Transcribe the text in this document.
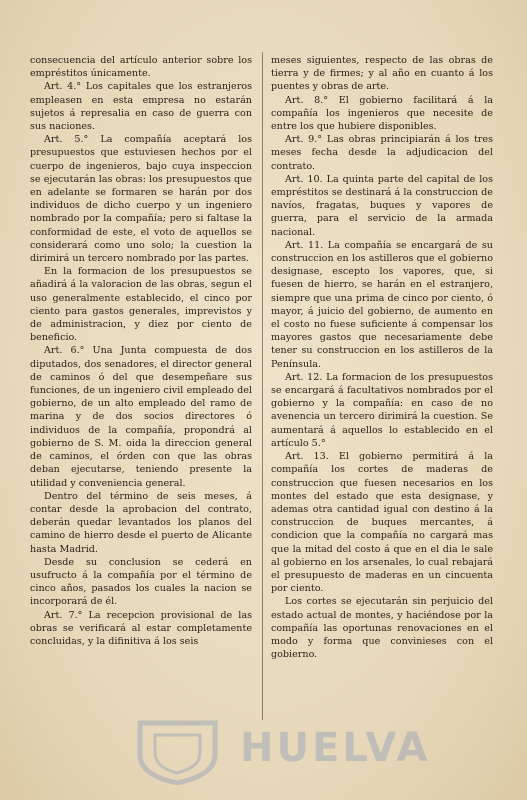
consecuencia del artículo anterior sobre los empréstitos únicamente.

Art. 4.° Los capitales que los estranjeros empleasen en esta empresa no estarán sujetos á represalia en caso de guerra con sus naciones.

Art. 5.° La compañía aceptará los presupuestos que estuviesen hechos por el cuerpo de ingenieros, bajo cuya inspeccion se ejecutarán las obras: los presupuestos que en adelante se formaren se harán por dos individuos de dicho cuerpo y un ingeniero nombrado por la compañía; pero si faltase la conformidad de este, el voto de aquellos se considerará como uno solo; la cuestion la dirimirá un tercero nombrado por las partes.

En la formacion de los presupuestos se añadirá á la valoracion de las obras, segun el uso generalmente establecido, el cinco por ciento para gastos generales, imprevistos y de administracion, y diez por ciento de beneficio.

Art. 6.° Una Junta compuesta de dos diputados, dos senadores, el director general de caminos ó del que desempeñare sus funciones, de un ingeniero civil empleado del gobierno, de un alto empleado del ramo de marina y de dos socios directores ó individuos de la compañía, propondrá al gobierno de S. M. oida la direccion general de caminos, el órden con que las obras deban ejecutarse, teniendo presente la utilidad y conveniencia general.

Dentro del término de seis meses, á contar desde la aprobacion del contrato, deberán quedar levantados los planos del camino de hierro desde el puerto de Alicante hasta Madrid.

Desde su conclusion se cederá en usufructo á la compañía por el término de cinco años, pasados los cuales la nacion se incorporará de él.

Art. 7.° La recepcion provisional de las obras se verificará al estar completamente concluidas, y la difinitiva á los seis

meses siguientes, respecto de las obras de tierra y de firmes; y al año en cuanto á los puentes y obras de arte.

Art. 8.° El gobierno facilitará á la compañía los ingenieros que necesite de entre los que hubiere disponibles.

Art. 9.° Las obras principiarán á los tres meses fecha desde la adjudicacion del contrato.

Art. 10. La quinta parte del capital de los empréstitos se destinará á la construccion de navíos, fragatas, buques y vapores de guerra, para el servicio de la armada nacional.

Art. 11. La compañía se encargará de su construccion en los astilleros que el gobierno designase, escepto los vapores, que, si fuesen de hierro, se harán en el estranjero, siempre que una prima de cinco por ciento, ó mayor, á juicio del gobierno, de aumento en el costo no fuese suficiente á compensar los mayores gastos que necesariamente debe tener su construccion en los astilleros de la Península.

Art. 12. La formacion de los presupuestos se encargará á facultativos nombrados por el gobierno y la compañía: en caso de no avenencia un tercero dirimirá la cuestion. Se aumentará á aquellos lo establecido en el artículo 5.°

Art. 13. El gobierno permitirá á la compañía los cortes de maderas de construccion que fuesen necesarios en los montes del estado que esta designase, y ademas otra cantidad igual con destino á la construccion de buques mercantes, á condicion que la compañía no cargará mas que la mitad del costo á que en el dia le sale al gobierno en los arsenales, lo cual rebajará el presupuesto de maderas en un cincuenta por ciento.

Los cortes se ejecutarán sin perjuicio del estado actual de montes, y haciéndose por la compañía las oportunas renovaciones en el modo y forma que convinieses con el gobierno.

HUELVA
